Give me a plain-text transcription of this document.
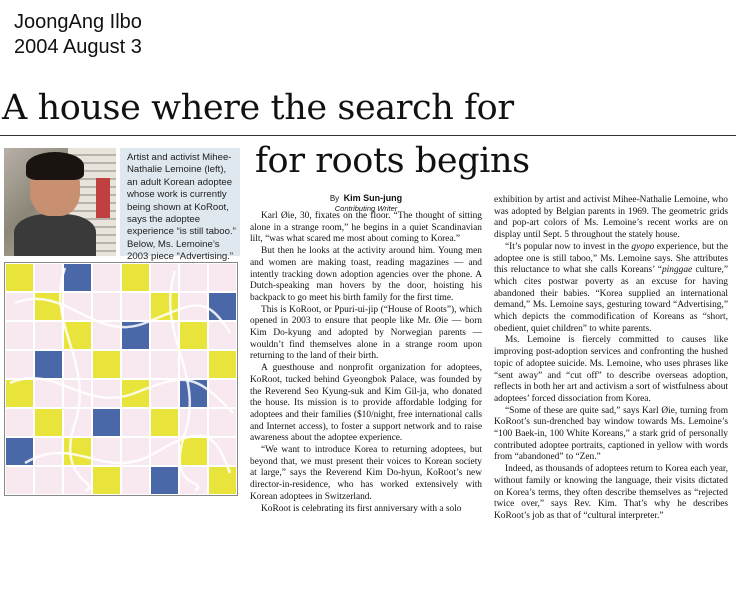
JoongAng Ilbo
2004 August 3
A house where the search for
for roots begins

Artist and activist Mihee-Nathalie Lemoine (left), an adult Korean adoptee whose work is currently being shown at KoRoot, says the adoptee experience “is still taboo.” Below, Ms. Lemoine’s 2003 piece “Advertising.”

By Kim Sun-jung
Contributing Writer

Karl Øie, 30, fixates on the floor. “The thought of sitting alone in a strange room,” he begins in a quiet Scandinavian lilt, “was what scared me most about coming to Korea.”

But then he looks at the activity around him. Young men and women are making toast, reading magazines — and intently tracking down adoption agencies over the phone. A Dutch-speaking man hovers by the door, hoisting his backpack to go meet his birth family for the first time.

This is KoRoot, or Ppuri-ui-jip (“House of Roots”), which opened in 2003 to ensure that people like Mr. Øie — born Kim Do-kyung and adopted by Norwegian parents — wouldn’t find themselves alone in a strange room upon returning to the land of their birth.

A guesthouse and nonprofit organization for adoptees, KoRoot, tucked behind Gyeongbok Palace, was founded by the Reverend Seo Kyung-suk and Kim Gil-ja, who donated the house. Its mission is to provide affordable lodging for adoptees and their families ($10/night, free international calls and Internet access), to foster a support network and to raise awareness about the adoptee experience.

“We want to introduce Korea to returning adoptees, but beyond that, we must present their voices to Korean society at large,” says the Reverend Kim Do-hyun, KoRoot’s new director-in-residence, who has worked extensively with Korean adoptees in Switzerland.

KoRoot is celebrating its first anniversary with a solo

exhibition by artist and activist Mihee-Nathalie Lemoine, who was adopted by Belgian parents in 1969. The geometric grids and pop-art colors of Ms. Lemoine’s recent works are on display until Sept. 5 throughout the stately house.

“It’s popular now to invest in the gyopo experience, but the adoptee one is still taboo,” Ms. Lemoine says. She attributes this reluctance to what she calls Koreans’ “pinggae culture,” which cites postwar poverty as an excuse for having abandoned their babies. “Korea supplied an international demand,” Ms. Lemoine says, gesturing toward “Advertising,” which depicts the commodification of Koreans as “short, obedient, quiet children” to white parents.

Ms. Lemoine is fiercely committed to causes like improving post-adoption services and confronting the hushed topic of adoptee suicide. Ms. Lemoine, who uses phrases like “sent away” and “cut off” to describe overseas adoption, reflects in both her art and activism a sort of wistfulness about adoptees’ forced dissociation from Korea.

“Some of these are quite sad,” says Karl Øie, turning from KoRoot’s sun-drenched bay window towards Ms. Lemoine’s “100 Baek-in, 100 White Koreans,” a stark grid of personally contributed adoptee portraits, captioned in yellow with words from “abandoned” to “Zen.”

Indeed, as thousands of adoptees return to Korea each year, without family or knowing the language, their visits dictated on Korea’s terms, they often describe themselves as “rejected twice over,” says Rev. Kim. That’s why he describes KoRoot’s job as that of “cultural interpreter.”
